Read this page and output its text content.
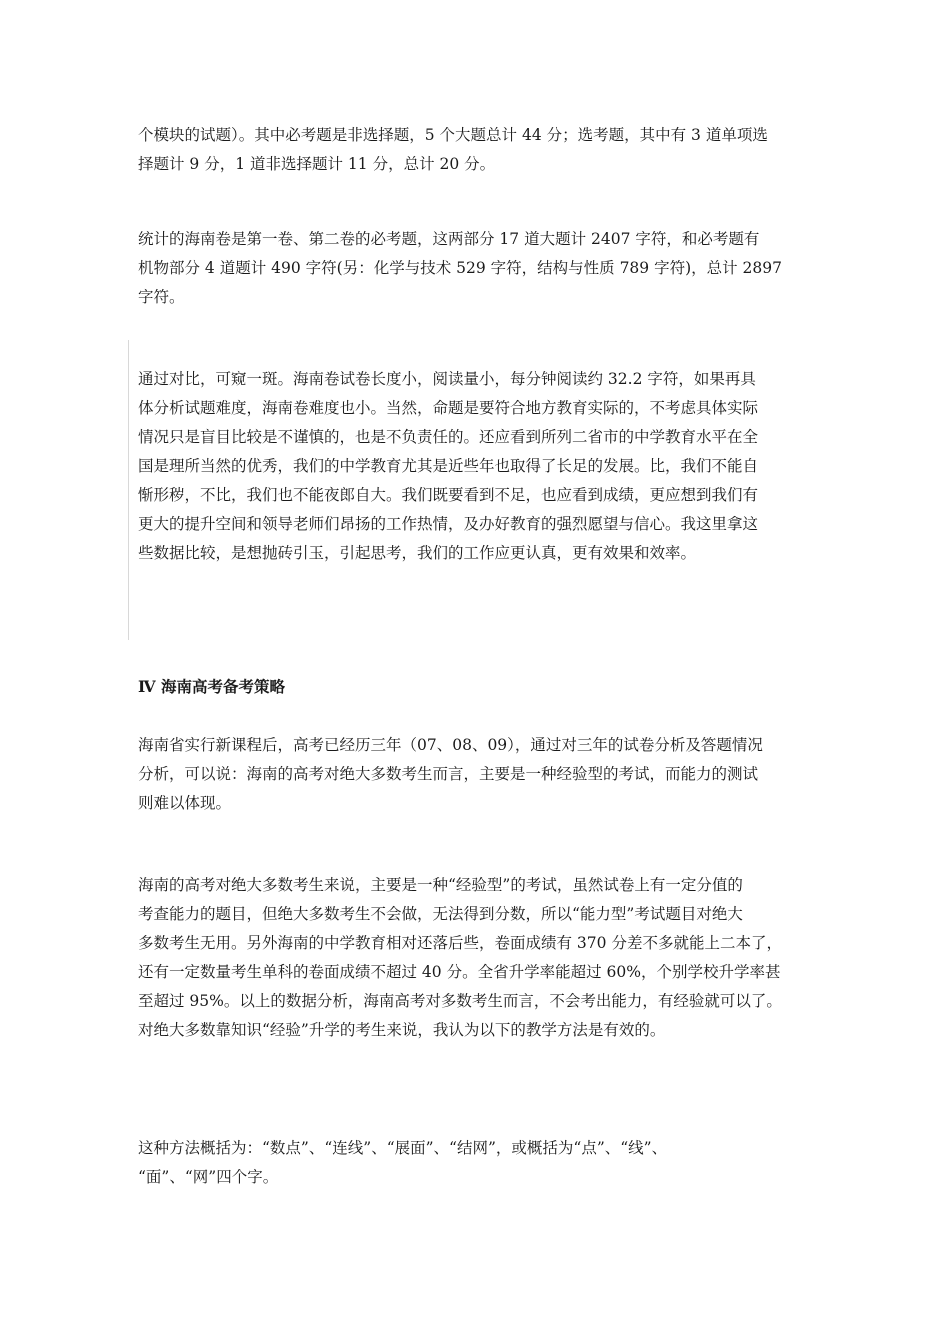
个模块的试题）。其中必考题是非选择题，5 个大题总计 44 分；选考题，其中有 3 道单项选
择题计 9 分，1 道非选择题计 11 分，总计 20 分。
统计的海南卷是第一卷、第二卷的必考题，这两部分 17 道大题计 2407 字符，和必考题有
机物部分 4 道题计 490 字符(另：化学与技术 529 字符，结构与性质 789 字符)，总计 2897
字符。
通过对比，可窥一斑。海南卷试卷长度小，阅读量小，每分钟阅读约 32.2 字符，如果再具
体分析试题难度，海南卷难度也小。当然，命题是要符合地方教育实际的，不考虑具体实际
情况只是盲目比较是不谨慎的，也是不负责任的。还应看到所列二省市的中学教育水平在全
国是理所当然的优秀，我们的中学教育尤其是近些年也取得了长足的发展。比，我们不能自
惭形秽，不比，我们也不能夜郎自大。我们既要看到不足，也应看到成绩，更应想到我们有
更大的提升空间和领导老师们昂扬的工作热情，及办好教育的强烈愿望与信心。我这里拿这
些数据比较，是想抛砖引玉，引起思考，我们的工作应更认真，更有效果和效率。
Ⅳ 海南高考备考策略
海南省实行新课程后，高考已经历三年（07、08、09），通过对三年的试卷分析及答题情况
分析，可以说：海南的高考对绝大多数考生而言，主要是一种经验型的考试，而能力的测试
则难以体现。
海南的高考对绝大多数考生来说，主要是一种“经验型”的考试，虽然试卷上有一定分值的
考查能力的题目，但绝大多数考生不会做，无法得到分数，所以“能力型”考试题目对绝大
多数考生无用。另外海南的中学教育相对还落后些，卷面成绩有 370 分差不多就能上二本了，
还有一定数量考生单科的卷面成绩不超过 40 分。全省升学率能超过 60%，个别学校升学率甚
至超过 95%。以上的数据分析，海南高考对多数考生而言，不会考出能力，有经验就可以了。
对绝大多数靠知识“经验”升学的考生来说，我认为以下的教学方法是有效的。
这种方法概括为：“数点”、“连线”、“展面”、“结网”，或概括为“点”、“线”、
“面”、“网”四个字。
